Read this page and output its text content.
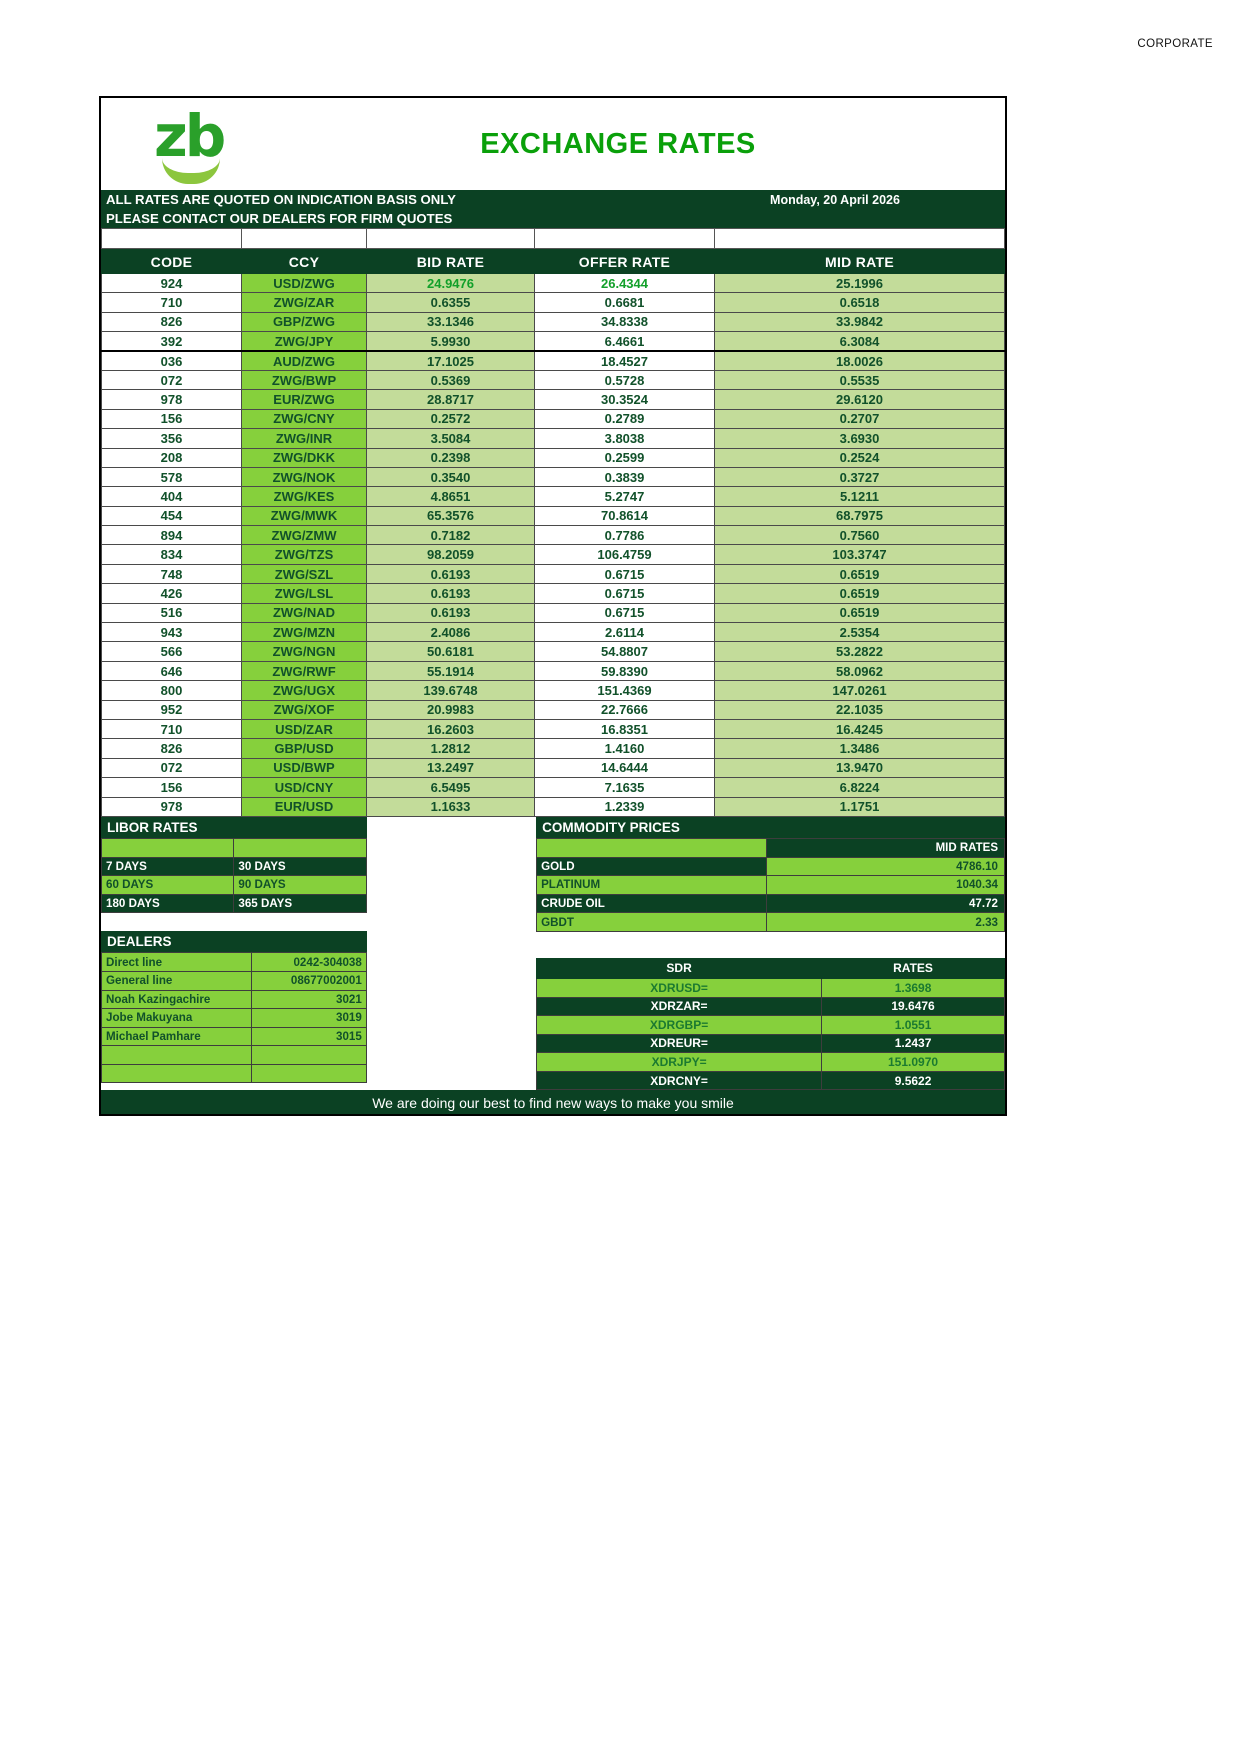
CORPORATE
zb	EXCHANGE RATES
ALL RATES ARE QUOTED ON INDICATION BASIS ONLY	Monday, 20 April 2026
PLEASE CONTACT OUR DEALERS FOR FIRM QUOTES

CODE	CCY	BID RATE	OFFER RATE	MID RATE
924	USD/ZWG	24.9476	26.4344	25.1996
710	ZWG/ZAR	0.6355	0.6681	0.6518
826	GBP/ZWG	33.1346	34.8338	33.9842
392	ZWG/JPY	5.9930	6.4661	6.3084
036	AUD/ZWG	17.1025	18.4527	18.0026
072	ZWG/BWP	0.5369	0.5728	0.5535
978	EUR/ZWG	28.8717	30.3524	29.6120
156	ZWG/CNY	0.2572	0.2789	0.2707
356	ZWG/INR	3.5084	3.8038	3.6930
208	ZWG/DKK	0.2398	0.2599	0.2524
578	ZWG/NOK	0.3540	0.3839	0.3727
404	ZWG/KES	4.8651	5.2747	5.1211
454	ZWG/MWK	65.3576	70.8614	68.7975
894	ZWG/ZMW	0.7182	0.7786	0.7560
834	ZWG/TZS	98.2059	106.4759	103.3747
748	ZWG/SZL	0.6193	0.6715	0.6519
426	ZWG/LSL	0.6193	0.6715	0.6519
516	ZWG/NAD	0.6193	0.6715	0.6519
943	ZWG/MZN	2.4086	2.6114	2.5354
566	ZWG/NGN	50.6181	54.8807	53.2822
646	ZWG/RWF	55.1914	59.8390	58.0962
800	ZWG/UGX	139.6748	151.4369	147.0261
952	ZWG/XOF	20.9983	22.7666	22.1035
710	USD/ZAR	16.2603	16.8351	16.4245
826	GBP/USD	1.2812	1.4160	1.3486
072	USD/BWP	13.2497	14.6444	13.9470
156	USD/CNY	6.5495	7.1635	6.8224
978	EUR/USD	1.1633	1.2339	1.1751
LIBOR RATES

7 DAYS	30 DAYS
60 DAYS	90 DAYS
180 DAYS	365 DAYS
DEALERS
Direct line	0242-304038
General line	08677002001
Noah Kazingachire	3021
Jobe Makuyana	3019
Michael Pamhare	3015

COMMODITY PRICES
	MID RATES
GOLD	4786.10
PLATINUM	1040.34
CRUDE OIL	47.72
GBDT	2.33
SDR	RATES
XDRUSD=	1.3698
XDRZAR=	19.6476
XDRGBP=	1.0551
XDREUR=	1.2437
XDRJPY=	151.0970
XDRCNY=	9.5622
We are doing our best to find new ways to make you smile
